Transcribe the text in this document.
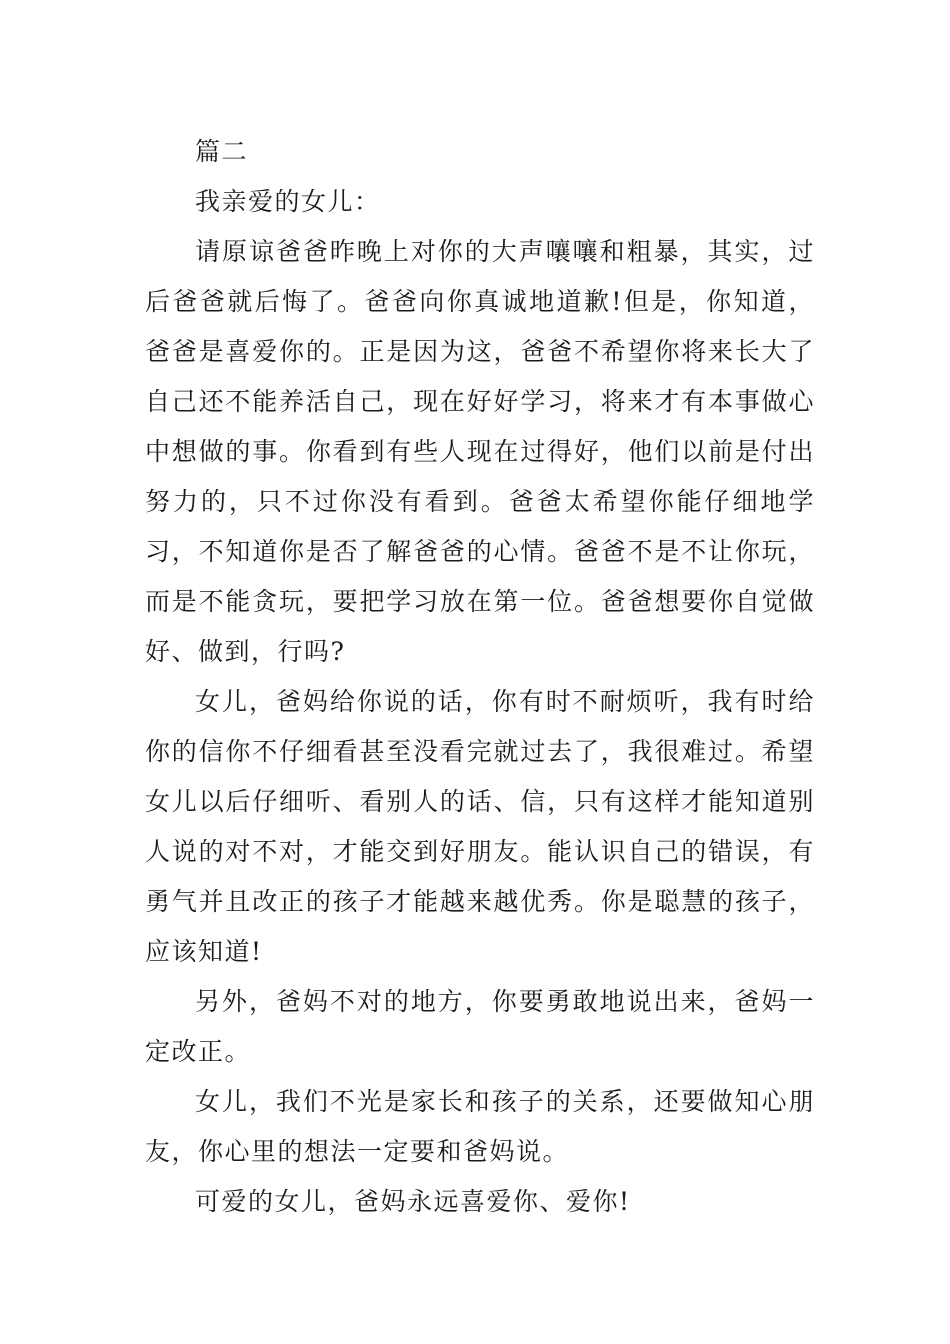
篇二

我亲爱的女儿：

请原谅爸爸昨晚上对你的大声嚷嚷和粗暴，其实，过后爸爸就后悔了。爸爸向你真诚地道歉!但是，你知道，爸爸是喜爱你的。正是因为这，爸爸不希望你将来长大了自己还不能养活自己，现在好好学习，将来才有本事做心中想做的事。你看到有些人现在过得好，他们以前是付出努力的，只不过你没有看到。爸爸太希望你能仔细地学习，不知道你是否了解爸爸的心情。爸爸不是不让你玩，而是不能贪玩，要把学习放在第一位。爸爸想要你自觉做好、做到，行吗?

女儿，爸妈给你说的话，你有时不耐烦听，我有时给你的信你不仔细看甚至没看完就过去了，我很难过。希望女儿以后仔细听、看别人的话、信，只有这样才能知道别人说的对不对，才能交到好朋友。能认识自己的错误，有勇气并且改正的孩子才能越来越优秀。你是聪慧的孩子，应该知道!

另外，爸妈不对的地方，你要勇敢地说出来，爸妈一定改正。

女儿，我们不光是家长和孩子的关系，还要做知心朋友，你心里的想法一定要和爸妈说。

可爱的女儿，爸妈永远喜爱你、爱你!
